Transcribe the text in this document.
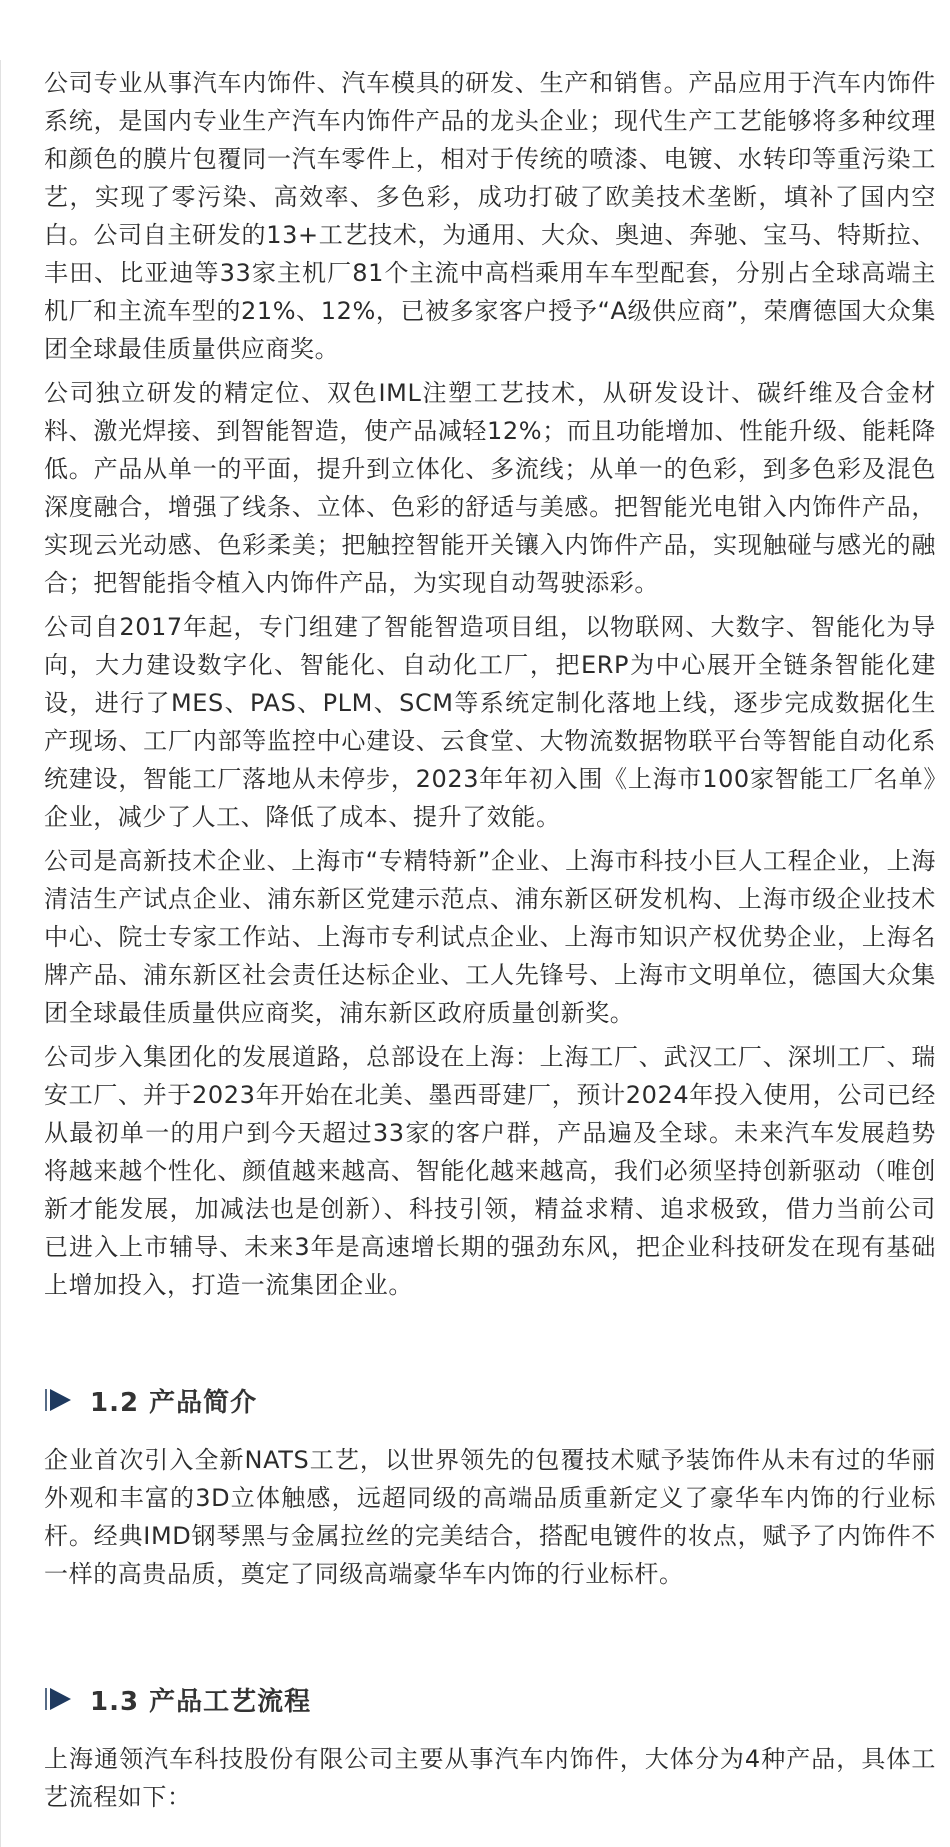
公司专业从事汽车内饰件、汽车模具的研发、生产和销售。产品应用于汽车内饰件系统，是国内专业生产汽车内饰件产品的龙头企业；现代生产工艺能够将多种纹理和颜色的膜片包覆同一汽车零件上，相对于传统的喷漆、电镀、水转印等重污染工艺，实现了零污染、高效率、多色彩，成功打破了欧美技术垄断，填补了国内空白。公司自主研发的13+工艺技术，为通用、大众、奥迪、奔驰、宝马、特斯拉、丰田、比亚迪等33家主机厂81个主流中高档乘用车车型配套，分别占全球高端主机厂和主流车型的21%、12%，已被多家客户授予“A级供应商”，荣膺德国大众集团全球最佳质量供应商奖。

公司独立研发的精定位、双色IML注塑工艺技术，从研发设计、碳纤维及合金材料、激光焊接、到智能智造，使产品减轻12%；而且功能增加、性能升级、能耗降低。产品从单一的平面，提升到立体化、多流线；从单一的色彩，到多色彩及混色深度融合，增强了线条、立体、色彩的舒适与美感。把智能光电钳入内饰件产品，实现云光动感、色彩柔美；把触控智能开关镶入内饰件产品，实现触碰与感光的融合；把智能指令植入内饰件产品，为实现自动驾驶添彩。

公司自2017年起，专门组建了智能智造项目组，以物联网、大数字、智能化为导向，大力建设数字化、智能化、自动化工厂，把ERP为中心展开全链条智能化建设，进行了MES、PAS、PLM、SCM等系统定制化落地上线，逐步完成数据化生产现场、工厂内部等监控中心建设、云食堂、大物流数据物联平台等智能自动化系统建设，智能工厂落地从未停步，2023年年初入围《上海市100家智能工厂名单》企业，减少了人工、降低了成本、提升了效能。

公司是高新技术企业、上海市“专精特新”企业、上海市科技小巨人工程企业，上海清洁生产试点企业、浦东新区党建示范点、浦东新区研发机构、上海市级企业技术中心、院士专家工作站、上海市专利试点企业、上海市知识产权优势企业，上海名牌产品、浦东新区社会责任达标企业、工人先锋号、上海市文明单位，德国大众集团全球最佳质量供应商奖，浦东新区政府质量创新奖。

公司步入集团化的发展道路，总部设在上海：上海工厂、武汉工厂、深圳工厂、瑞安工厂、并于2023年开始在北美、墨西哥建厂，预计2024年投入使用，公司已经从最初单一的用户到今天超过33家的客户群，产品遍及全球。未来汽车发展趋势将越来越个性化、颜值越来越高、智能化越来越高，我们必须坚持创新驱动（唯创新才能发展，加减法也是创新）、科技引领，精益求精、追求极致，借力当前公司已进入上市辅导、未来3年是高速增长期的强劲东风，把企业科技研发在现有基础上增加投入，打造一流集团企业。

1.2 产品简介

企业首次引入全新NATS工艺，以世界领先的包覆技术赋予装饰件从未有过的华丽外观和丰富的3D立体触感，远超同级的高端品质重新定义了豪华车内饰的行业标杆。经典IMD钢琴黑与金属拉丝的完美结合，搭配电镀件的妆点，赋予了内饰件不一样的高贵品质，奠定了同级高端豪华车内饰的行业标杆。

1.3 产品工艺流程

上海通领汽车科技股份有限公司主要从事汽车内饰件，大体分为4种产品，具体工艺流程如下：
